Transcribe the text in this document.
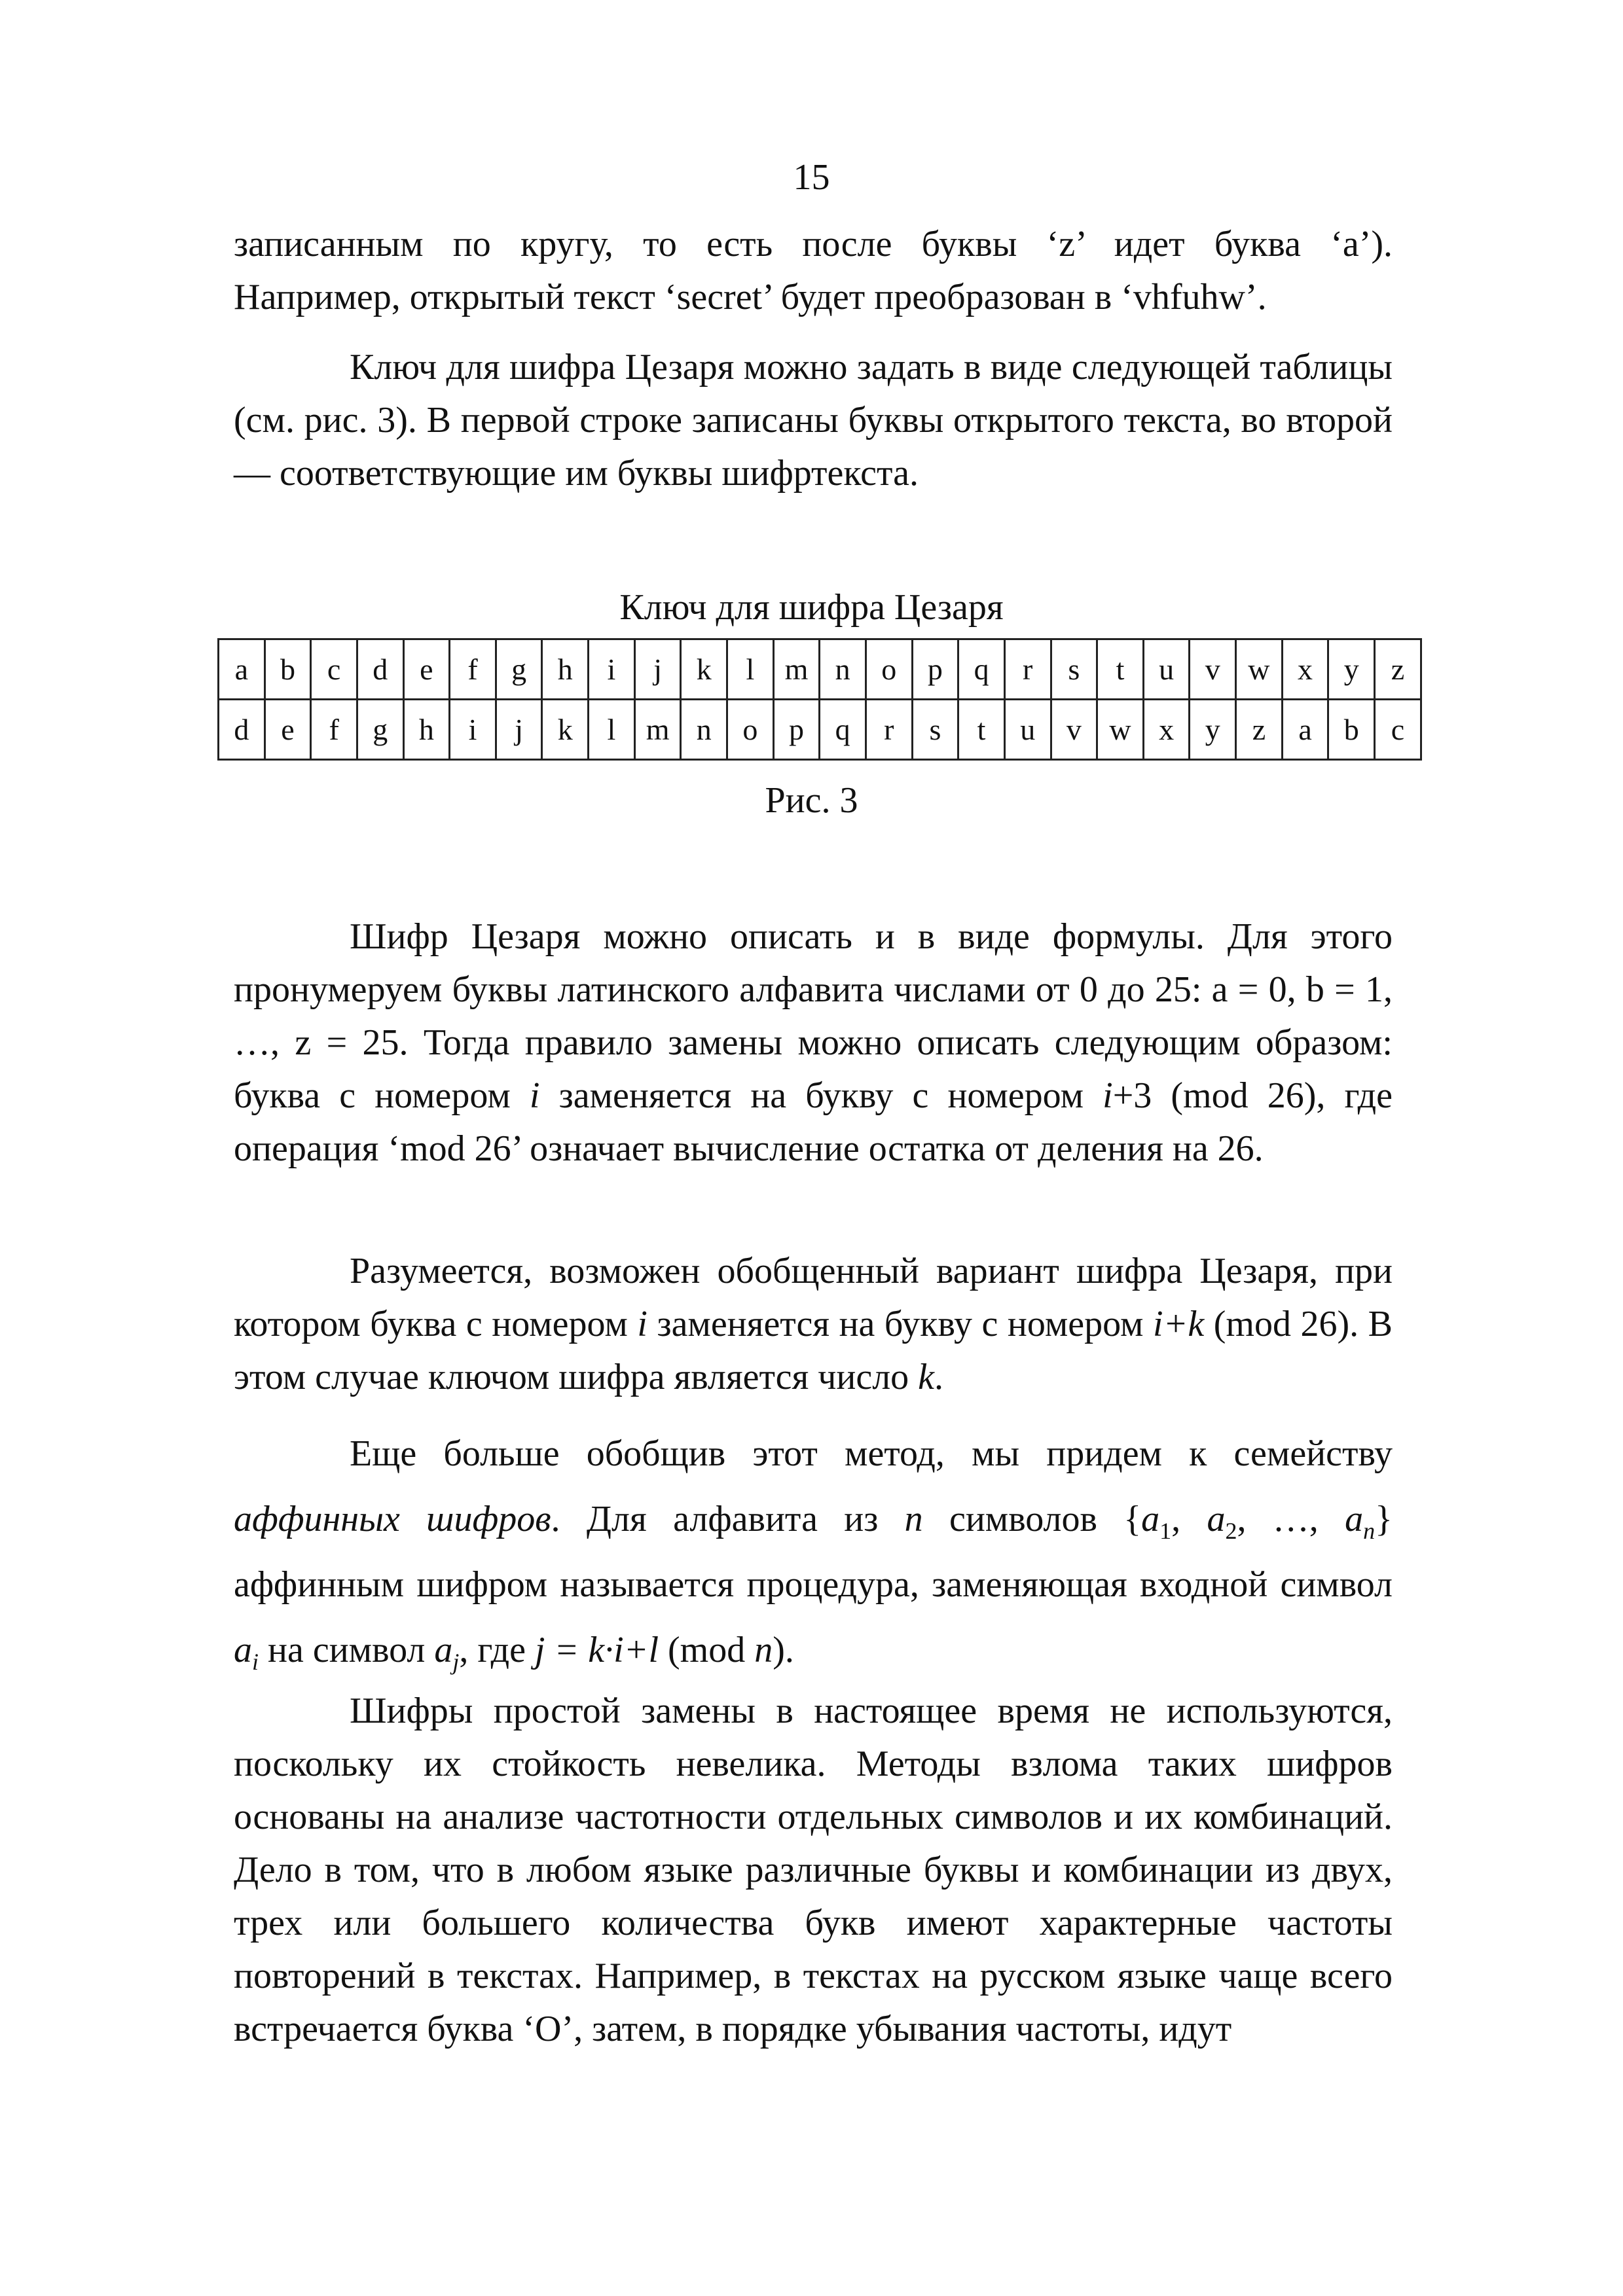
15

записанным по кругу, то есть после буквы ‘z’ идет буква ‘a’).

Например, открытый текст ‘secret’ будет преобразован в ‘vhfuhw’.

Ключ для шифра Цезаря можно задать в виде следующей таблицы (см. рис. 3). В первой строке записаны буквы открытого текста, во второй — соответствующие им буквы шифртекста.

Ключ для шифра Цезаря
a	b	c	d	e	f	g	h	i	j	k	l	m	n	o	p	q	r	s	t	u	v	w	x	y	z
d	e	f	g	h	i	j	k	l	m	n	o	p	q	r	s	t	u	v	w	x	y	z	a	b	c
Рис. 3

Шифр Цезаря можно описать и в виде формулы. Для этого пронумеруем буквы латинского алфавита числами от 0 до 25: a = 0, b = 1, …, z = 25. Тогда правило замены можно описать следующим образом: буква с номером i заменяется на букву с номером i+3 (mod 26), где операция ‘mod 26’ означает вычисление остатка от деления на 26.

Разумеется, возможен обобщенный вариант шифра Цезаря, при котором буква с номером i заменяется на букву с номером i+k (mod 26). В этом случае ключом шифра является число k.

Еще больше обобщив этот метод, мы придем к семейству аффинных шифров. Для алфавита из n символов {$a_1$, $a_2$, …, $a_n$} аффинным шифром называется процедура, заменяющая входной символ $a_i$ на символ $a_j$, где j = k·i+l (mod n).

Шифры простой замены в настоящее время не используются, поскольку их стойкость невелика. Методы взлома таких шифров основаны на анализе частотности отдельных символов и их комбинаций. Дело в том, что в любом языке различные буквы и комбинации из двух, трех или большего количества букв имеют характерные частоты повторений в текстах. Например, в текстах на русском языке чаще всего встречается буква ‘О’, затем, в порядке убывания частоты, идут
